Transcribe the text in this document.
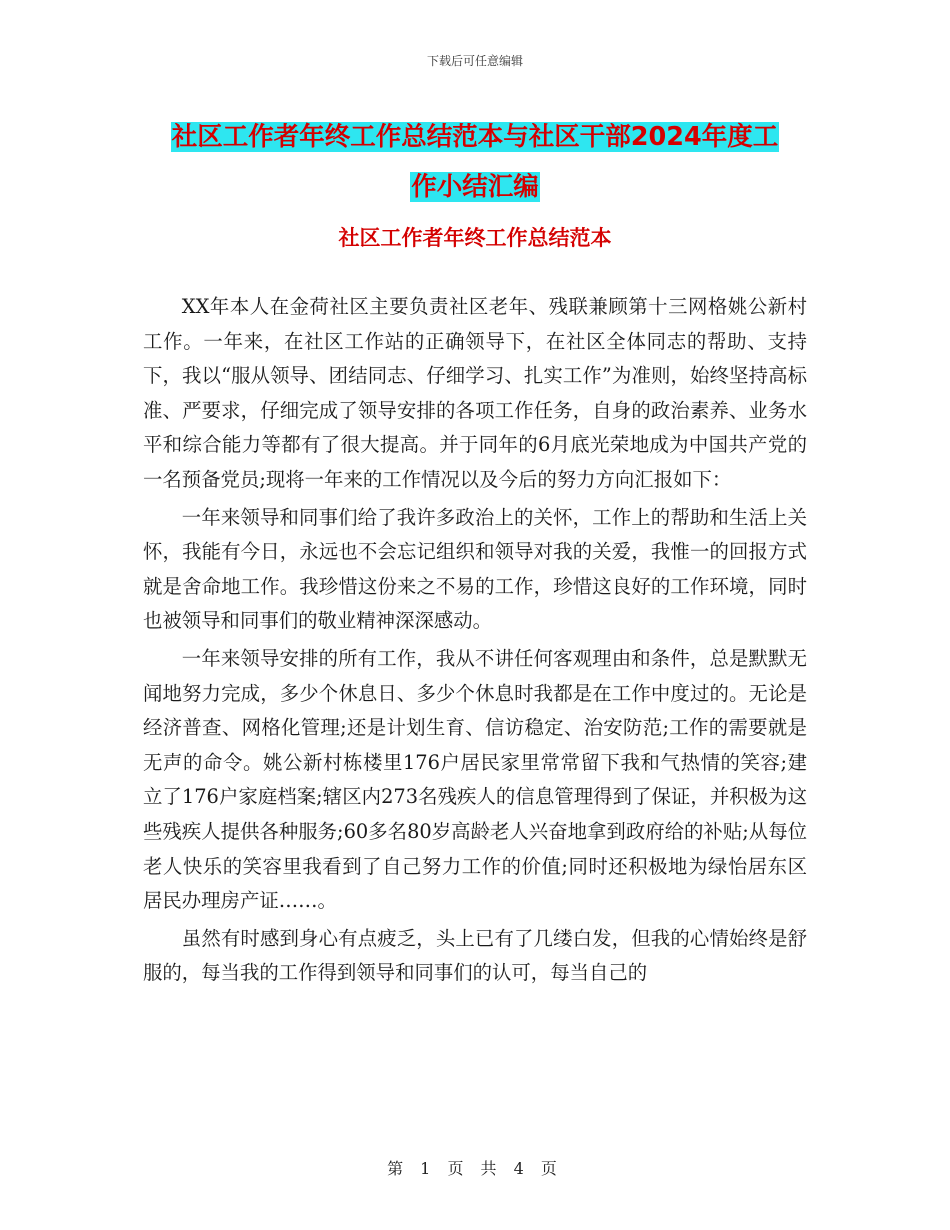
下载后可任意编辑
社区工作者年终工作总结范本与社区干部2024年度工
作小结汇编
社区工作者年终工作总结范本

XX年本人在金荷社区主要负责社区老年、残联兼顾第十三网格姚公新村工作。一年来，在社区工作站的正确领导下，在社区全体同志的帮助、支持下，我以“服从领导、团结同志、仔细学习、扎实工作”为准则，始终坚持高标准、严要求，仔细完成了领导安排的各项工作任务，自身的政治素养、业务水平和综合能力等都有了很大提高。并于同年的6月底光荣地成为中国共产党的一名预备党员;现将一年来的工作情况以及今后的努力方向汇报如下：

一年来领导和同事们给了我许多政治上的关怀，工作上的帮助和生活上关怀，我能有今日，永远也不会忘记组织和领导对我的关爱，我惟一的回报方式就是舍命地工作。我珍惜这份来之不易的工作，珍惜这良好的工作环境，同时也被领导和同事们的敬业精神深深感动。

一年来领导安排的所有工作，我从不讲任何客观理由和条件，总是默默无闻地努力完成，多少个休息日、多少个休息时我都是在工作中度过的。无论是经济普查、网格化管理;还是计划生育、信访稳定、治安防范;工作的需要就是无声的命令。姚公新村栋楼里176户居民家里常常留下我和气热情的笑容;建立了176户家庭档案;辖区内273名残疾人的信息管理得到了保证，并积极为这些残疾人提供各种服务;60多名80岁高龄老人兴奋地拿到政府给的补贴;从每位老人快乐的笑容里我看到了自己努力工作的价值;同时还积极地为绿怡居东区居民办理房产证……。

虽然有时感到身心有点疲乏，头上已有了几缕白发，但我的心情始终是舒服的，每当我的工作得到领导和同事们的认可，每当自己的

第 1 页 共 4 页
